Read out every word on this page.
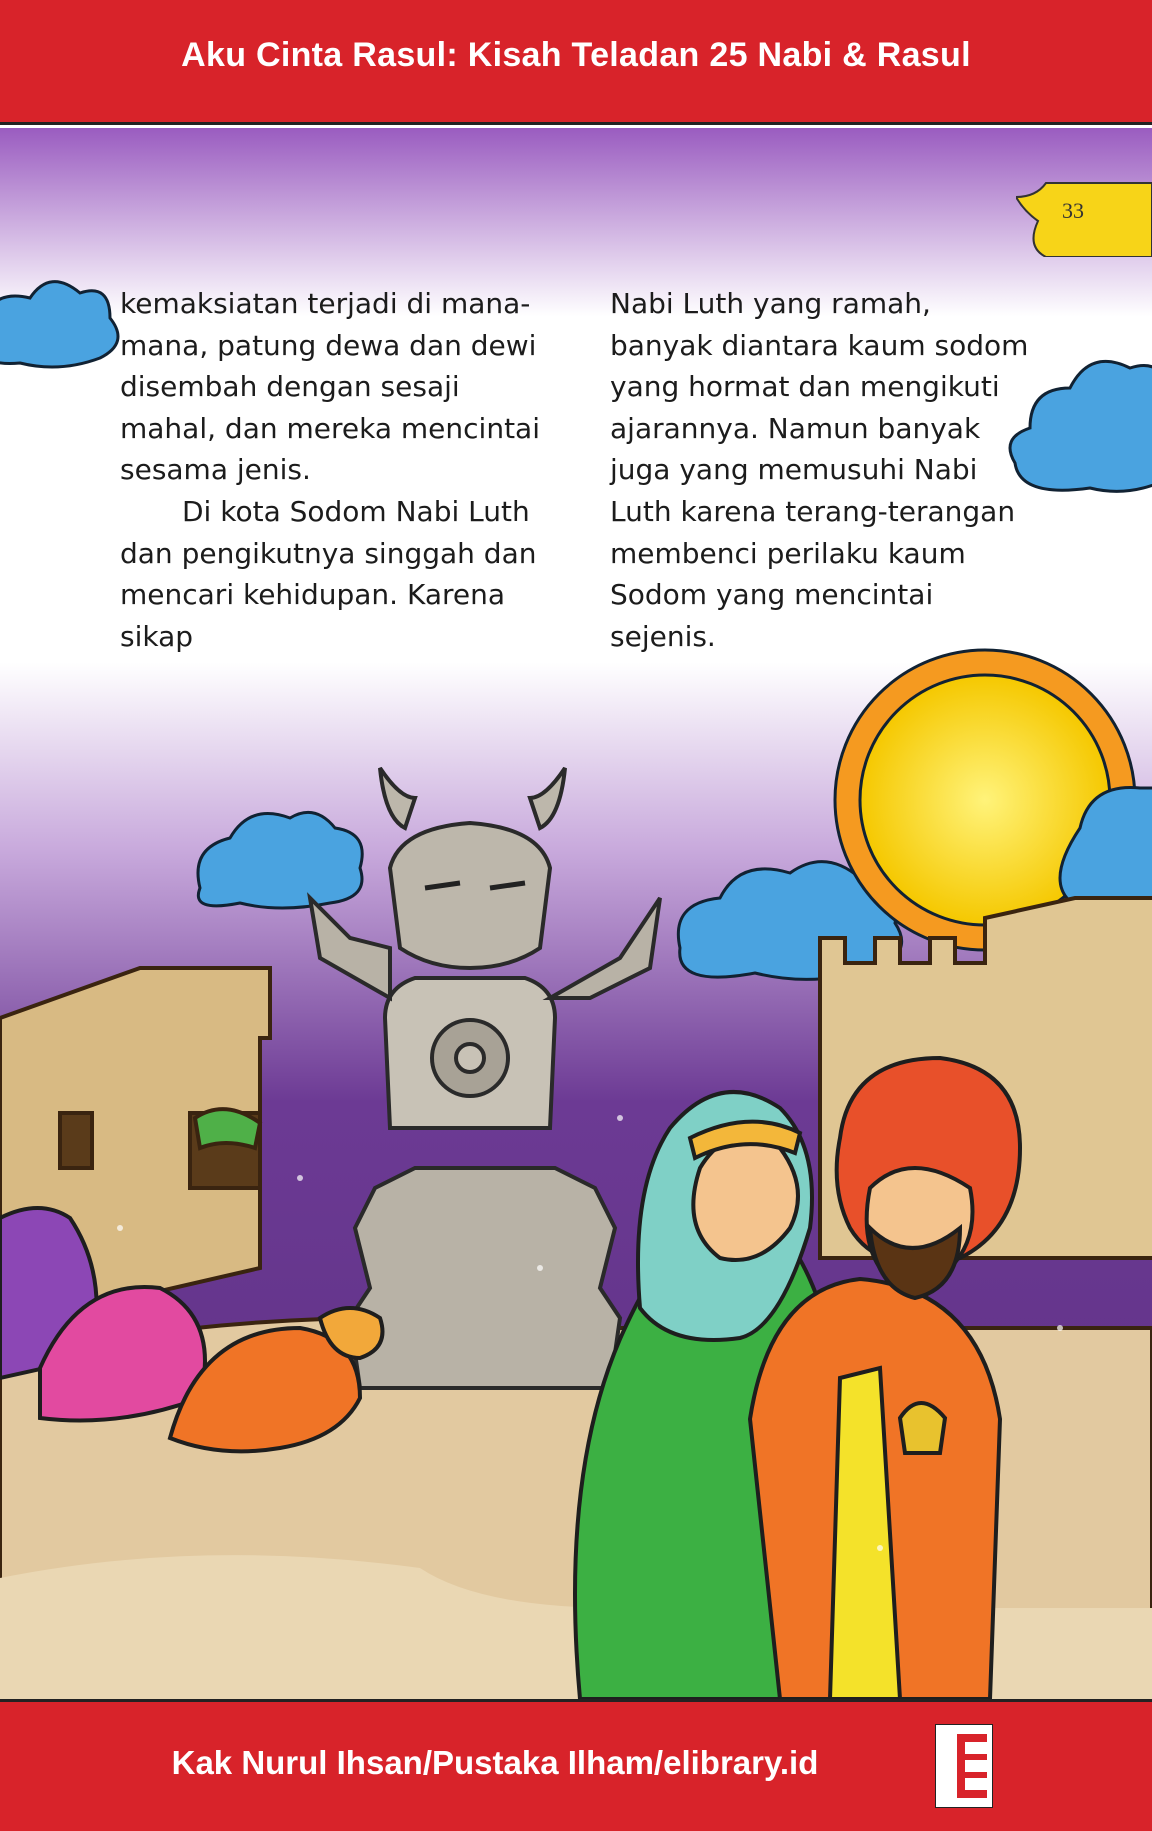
Aku Cinta Rasul: Kisah Teladan 25 Nabi & Rasul
33

kemaksiatan terjadi di mana-mana, patung dewa dan dewi disembah dengan sesaji mahal, dan mereka mencintai sesama jenis.

Di kota Sodom Nabi Luth dan pengikutnya singgah dan mencari kehidupan. Karena sikap

Nabi Luth yang ramah, banyak diantara kaum sodom yang hormat dan mengikuti ajarannya. Namun banyak juga yang memusuhi Nabi Luth karena terang-terangan membenci perilaku kaum Sodom yang mencintai sejenis.

Kak Nurul Ihsan/Pustaka Ilham/elibrary.id
